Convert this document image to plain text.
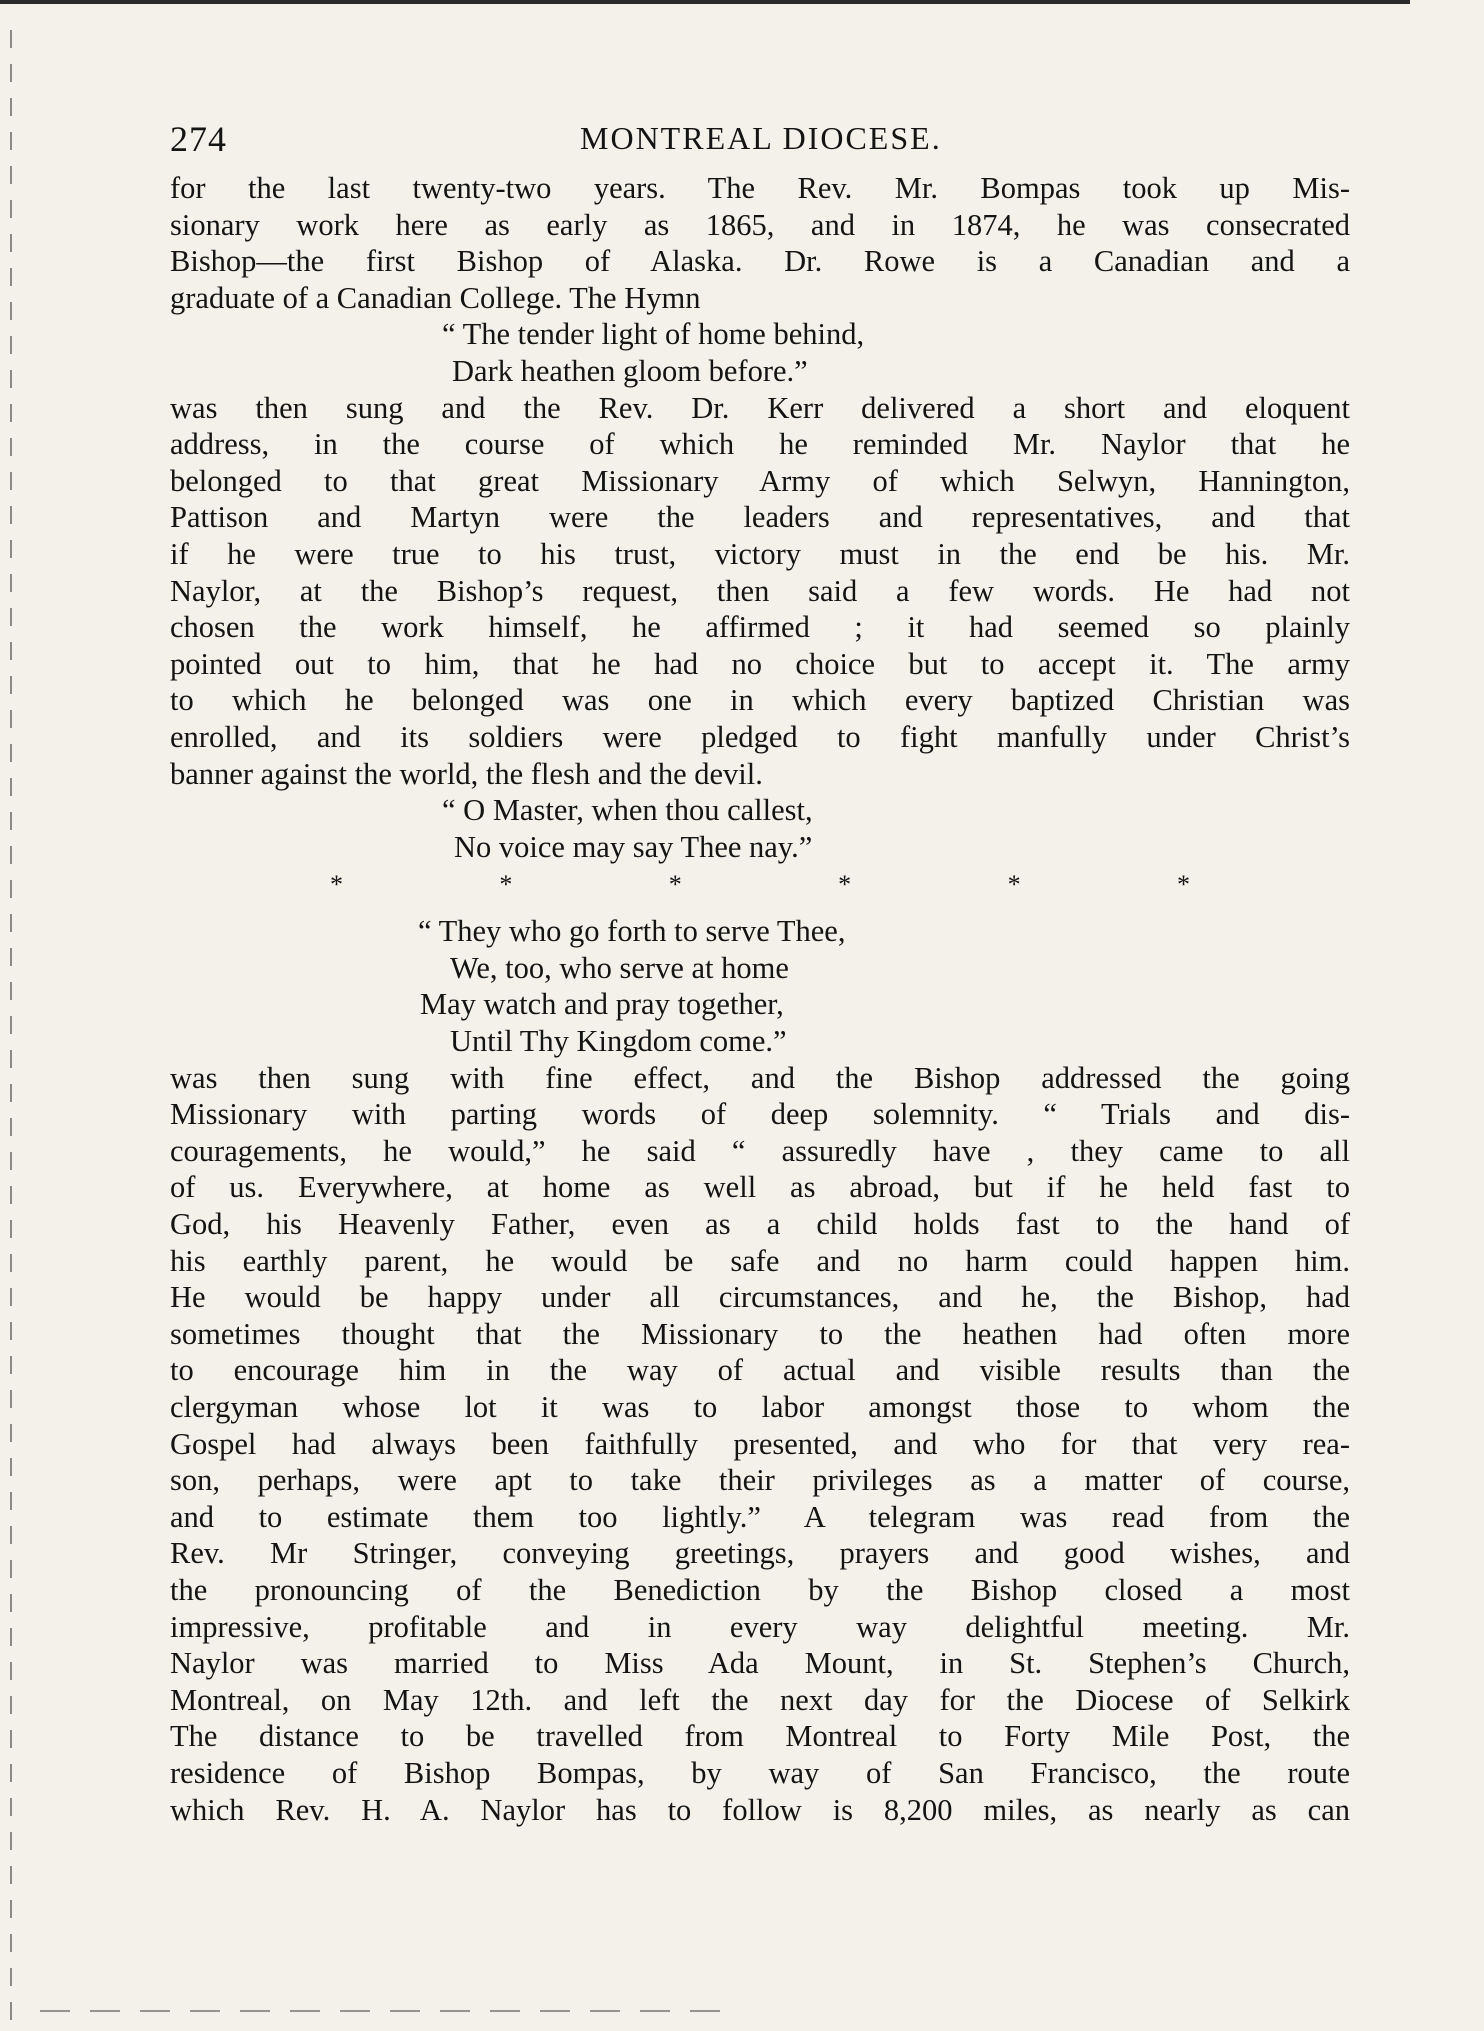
274	MONTREAL DIOCESE.

for the last twenty-two years. The Rev. Mr. Bompas took up Mis-
sionary work here as early as 1865, and in 1874, he was consecrated
Bishop—the first Bishop of Alaska. Dr. Rowe is a Canadian and a
graduate of a Canadian College. The Hymn

“ The tender light of home behind,
Dark heathen gloom before.”

was then sung and the Rev. Dr. Kerr delivered a short and eloquent
address, in the course of which he reminded Mr. Naylor that he
belonged to that great Missionary Army of which Selwyn, Hannington,
Pattison and Martyn were the leaders and representatives, and that
if he were true to his trust, victory must in the end be his. Mr.
Naylor, at the Bishop’s request, then said a few words. He had not
chosen the work himself, he affirmed ; it had seemed so plainly
pointed out to him, that he had no choice but to accept it. The army
to which he belonged was one in which every baptized Christian was
enrolled, and its soldiers were pledged to fight manfully under Christ’s
banner against the world, the flesh and the devil.

“ O Master, when thou callest,
No voice may say Thee nay.”
*	*	*	*	*	*
“ They who go forth to serve Thee,
We, too, who serve at home
May watch and pray together,
Until Thy Kingdom come.”

was then sung with fine effect, and the Bishop addressed the going
Missionary with parting words of deep solemnity. “ Trials and dis-
couragements, he would,” he said “ assuredly have , they came to all
of us. Everywhere, at home as well as abroad, but if he held fast to
God, his Heavenly Father, even as a child holds fast to the hand of
his earthly parent, he would be safe and no harm could happen him.
He would be happy under all circumstances, and he, the Bishop, had
sometimes thought that the Missionary to the heathen had often more
to encourage him in the way of actual and visible results than the
clergyman whose lot it was to labor amongst those to whom the
Gospel had always been faithfully presented, and who for that very rea-
son, perhaps, were apt to take their privileges as a matter of course,
and to estimate them too lightly.” A telegram was read from the
Rev. Mr Stringer, conveying greetings, prayers and good wishes, and
the pronouncing of the Benediction by the Bishop closed a most
impressive, profitable and in every way delightful meeting. Mr.
Naylor was married to Miss Ada Mount, in St. Stephen’s Church,
Montreal, on May 12th. and left the next day for the Diocese of Selkirk
The distance to be travelled from Montreal to Forty Mile Post, the
residence of Bishop Bompas, by way of San Francisco, the route
which Rev. H. A. Naylor has to follow is 8,200 miles, as nearly as can
